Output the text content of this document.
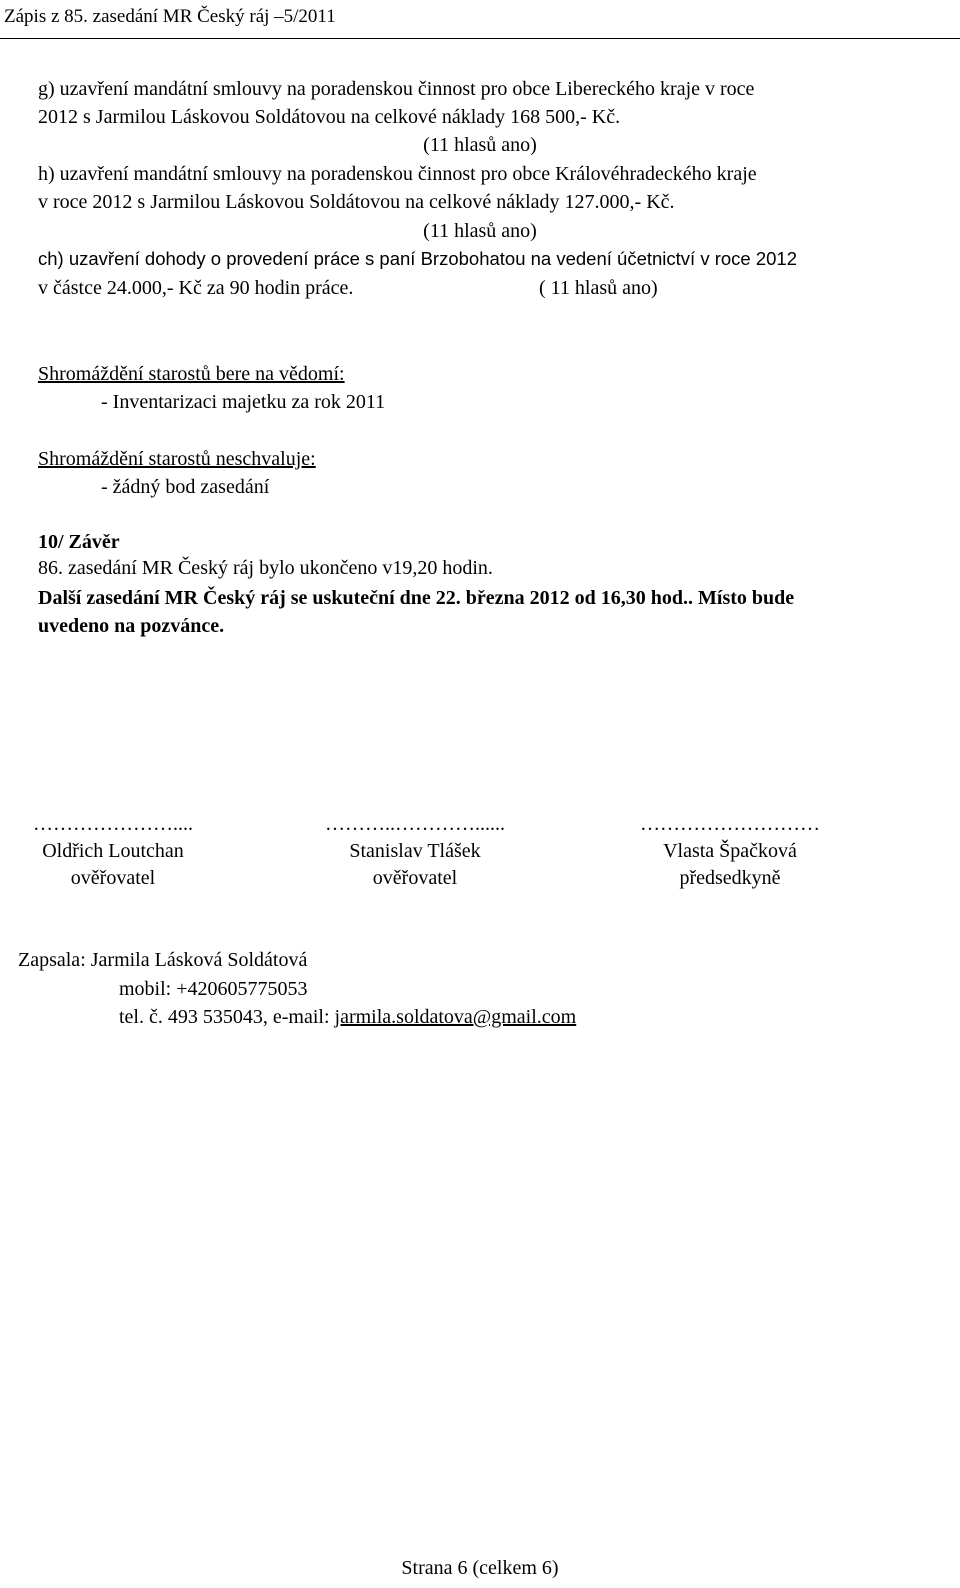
Zápis z 85. zasedání MR Český ráj –5/2011
g) uzavření mandátní smlouvy na poradenskou činnost pro obce Libereckého kraje v roce
2012 s Jarmilou Láskovou Soldátovou na celkové náklady 168 500,- Kč.
(11 hlasů ano)
h) uzavření mandátní smlouvy na poradenskou činnost pro obce Královéhradeckého kraje
v roce 2012 s Jarmilou Láskovou Soldátovou na celkové náklady 127.000,- Kč.
(11 hlasů ano)
ch) uzavření dohody o provedení práce s paní Brzobohatou na vedení účetnictví v roce 2012
v částce 24.000,- Kč za 90 hodin práce.	( 11 hlasů ano)
Shromáždění starostů bere na vědomí:
- Inventarizaci majetku za rok 2011
Shromáždění starostů neschvaluje:
- žádný bod zasedání
10/ Závěr
86. zasedání MR Český ráj bylo ukončeno v19,20 hodin.
Další zasedání MR Český ráj se uskuteční dne 22. března 2012 od 16,30 hod.. Místo bude
uvedeno na pozvánce.
…………………....
Oldřich Loutchan
ověřovatel
………..…………......
Stanislav Tlášek
ověřovatel
………………………
Vlasta Špačková
předsedkyně
Zapsala: Jarmila Lásková Soldátová
mobil: +420605775053
tel. č. 493 535043, e-mail: jarmila.soldatova@gmail.com
Strana 6 (celkem 6)
